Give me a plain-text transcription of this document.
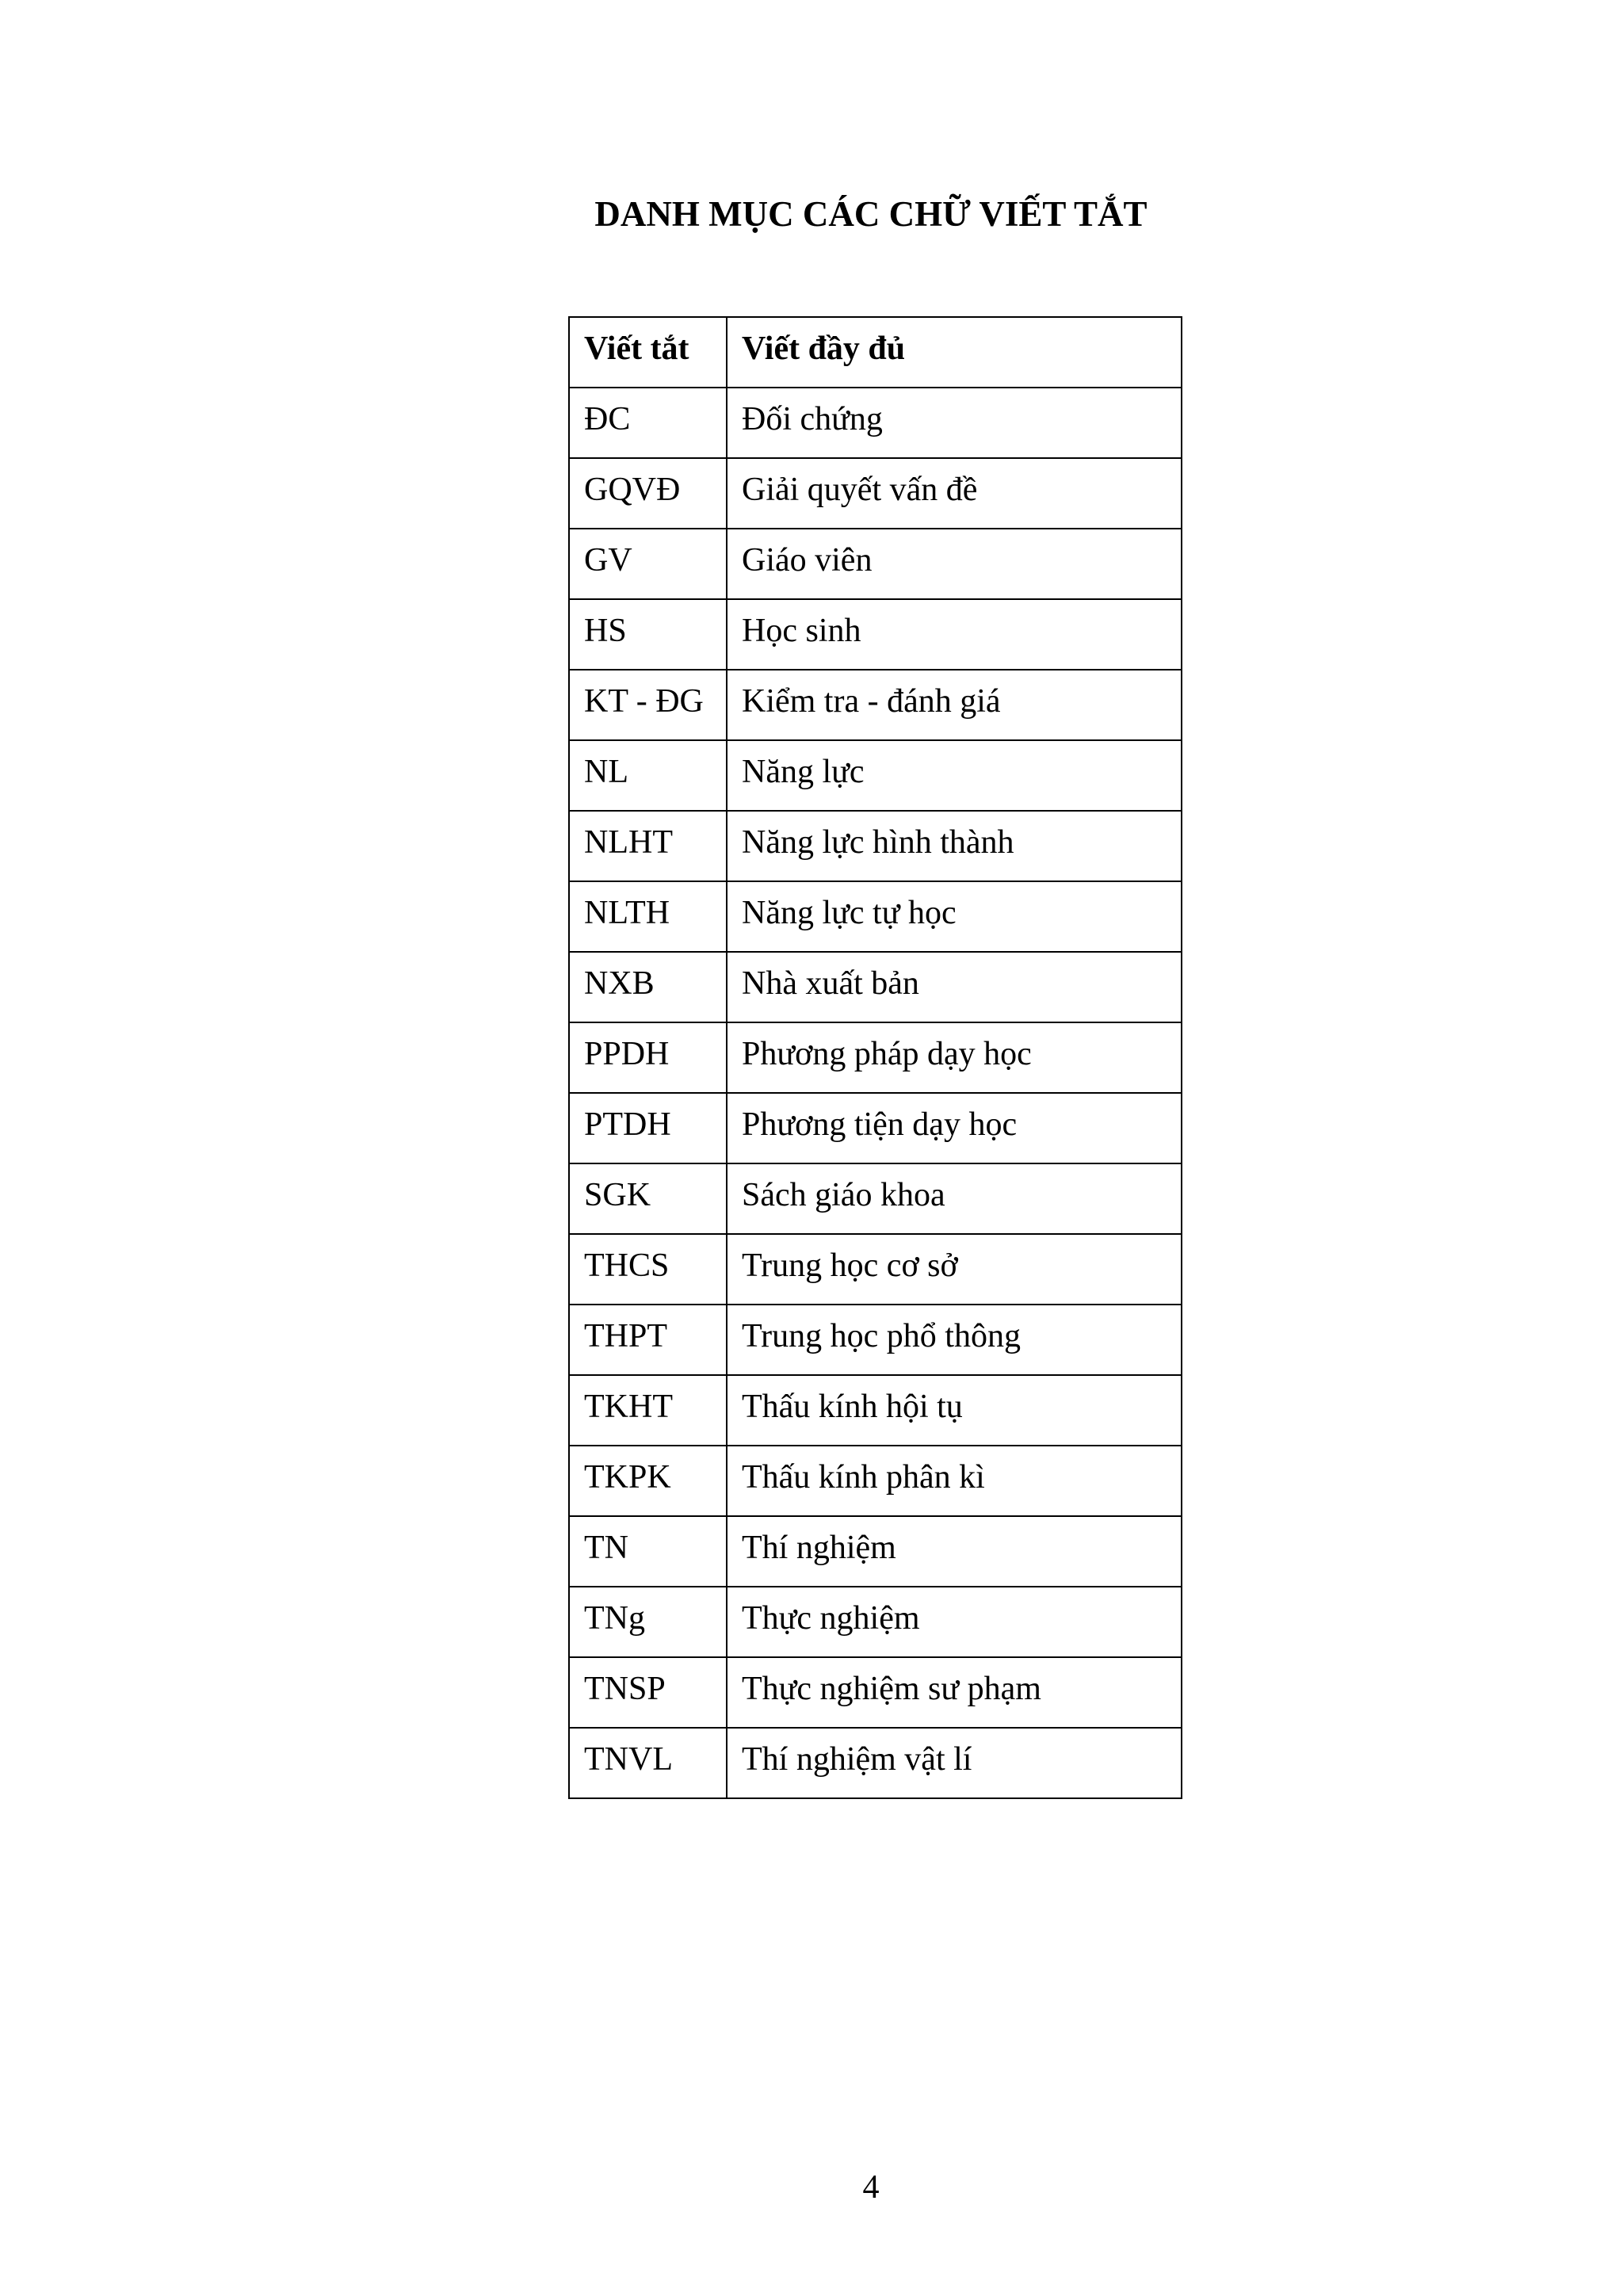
DANH MỤC CÁC CHỮ VIẾT TẮT
Viết tắt	Viết đầy đủ
ĐC	Đối chứng
GQVĐ	Giải quyết vấn đề
GV	Giáo viên
HS	Học sinh
KT - ĐG	Kiểm tra - đánh giá
NL	Năng lực
NLHT	Năng lực hình thành
NLTH	Năng lực tự học
NXB	Nhà xuất bản
PPDH	Phương pháp dạy học
PTDH	Phương tiện dạy học
SGK	Sách giáo khoa
THCS	Trung học cơ sở
THPT	Trung học phổ thông
TKHT	Thấu kính hội tụ
TKPK	Thấu kính phân kì
TN	Thí nghiệm
TNg	Thực nghiệm
TNSP	Thực nghiệm sư phạm
TNVL	Thí nghiệm vật lí
4
